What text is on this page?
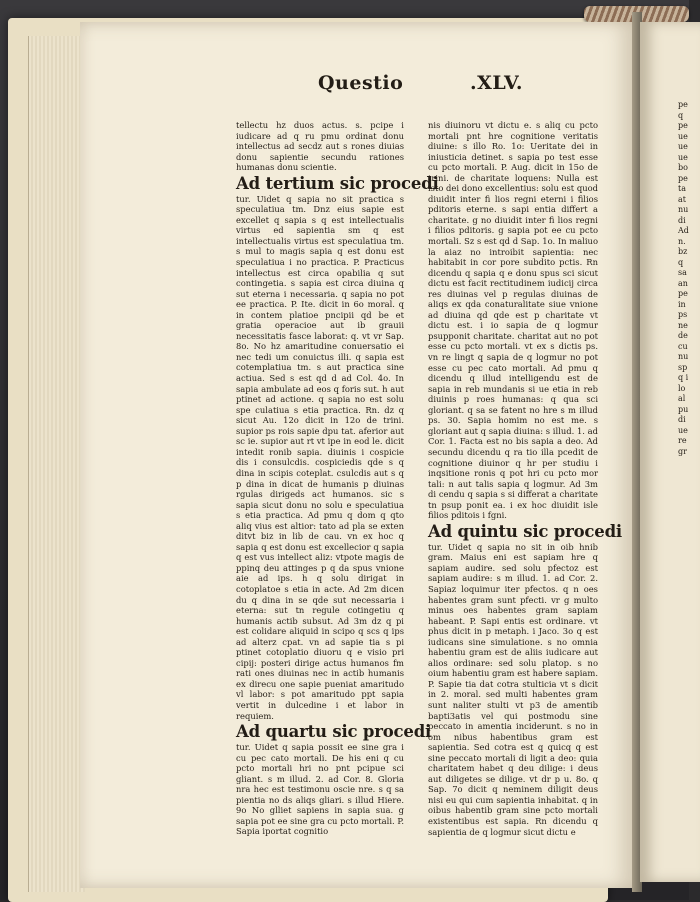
Questio	.XLV.

tellectu hz duos actus. s. pcipe i iudicare ad q ru pmu ordinat donu intellectus ad secdz aut s rones diuias donu sapientie secundu rationes humanas donu scientie.

Ad tertium sic procedi

tur. Uidet q sapia no sit practica s speculatiua tm. Dnz eius sapie est excellet q sapia s q est intellectualis virtus ed sapientia sm q est intellectualis virtus est speculatiua tm. s mul to magis sapia q est donu est speculatiua i no practica. P. Practicus intellectus est circa opabilia q sut contingetia. s sapia est circa diuina q sut eterna i necessaria. q sapia no pot ee practica. P. Ite. dicit in 6o moral. q in contem platioe pncipii qd be et gratia operacioe aut ib grauii necessitatis fasce laborat: q. vt vr Sap. 8o. No hz amaritudine conuersatio ei nec tedi um conuictus illi. q sapia est cotemplatiua tm. s aut practica sine actiua. Sed s est qd d ad Col. 4o. In sapia ambulate ad eos q foris sut. h aut ptinet ad actione. q sapia no est solu spe culatiua s etia practica. Rn. dz q sicut Au. 12o dicit in 12o de trini. supior ps rois sapie dpu tat. aferior aut sc ie. supior aut rt vt ipe in eod le. dicit intedit ronib sapia. diuinis i cospicie dis i consulcdis. cospiciedis qde s q dina in scipis coteplat. csulcdis aut s q p dina in dicat de humanis p diuinas rgulas dirigeds act humanos. sic s sapia sicut donu no solu e speculatiua s etia practica. Ad pmu q dom q qto aliq vius est altior: tato ad pla se exten ditvt biz in lib de cau. vn ex hoc q sapia q est donu est excellecior q sapia q est vus intellect aliz: vtpote magis de ppinq deu attinges p q da spus vnione aie ad ips. h q solu dirigat in cotoplatoe s etia in acte. Ad 2m dicen du q dina in se qde sut necessaria i eterna: sut tn regule cotingetiu q humanis actib subsut. Ad 3m dz q pi est colidare aliquid in scipo q scs q ips ad alterz cpat. vn ad sapie tia s pi ptinet cotoplatio diuoru q e visio pri cipij: posteri dirige actus humanos fm rati ones diuinas nec in actib humanis ex direcu one sapie pueniat amaritudo vl labor: s pot amaritudo ppt sapia vertit in dulcedine i et labor in requiem.

Ad quartu sic procedi

tur. Uidet q sapia possit ee sine gra i cu pec cato mortali. De his eni q cu pcto mortali hri no pnt pcipue sci gliant. s m illud. 2. ad Cor. 8. Gloria nra hec est testimonu oscie nre. s q sa pientia no ds aliqs gliari. s illud Hiere. 9o No glliet sapiens in sapia sua. g sapia pot ee sine gra cu pcto mortali. P. Sapia iportat cognitio

nis diuinoru vt dictu e. s aliq cu pcto mortali pnt hre cognitione veritatis diuine: s illo Ro. 1o: Ueritate dei in iniusticia detinet. s sapia po test esse cu pcto mortali. P. Aug. dicit in 15o de trini. de charitate loquens: Nulla est isto dei dono excellentius: solu est quod diuidit inter fi lios regni eterni i filios pditoris eterne. s sapi entia differt a charitate. g no diuidit inter fi lios regni i filios pditoris. g sapia pot ee cu pcto mortali. Sz s est qd d Sap. 1o. In maliuo la aiaz no introibit sapientia: nec habitabit in cor pore subdito pctis. Rn dicendu q sapia q e donu spus sci sicut dictu est facit rectitudinem iudicij circa res diuinas vel p regulas diuinas de aliqs ex qda conaturalitate siue vnione ad diuina qd qde est p charitate vt dictu est. i io sapia de q logmur psupponit charitate. charitat aut no pot esse cu pcto mortali. vt ex s dictis ps. vn re lingt q sapia de q logmur no pot esse cu pec cato mortali. Ad pmu q dicendu q illud intelligendu est de sapia in reb mundanis si ue etia in reb diuinis p roes humanas: q qua sci gloriant. q sa se fatent no hre s m illud ps. 30. Sapia homim no est me. s gloriant aut q sapia diuina: s illud. 1. ad Cor. 1. Facta est no bis sapia a deo. Ad secundu dicendu q ra tio illa pcedit de cognitione diuinor q hr per studiu i inqsitione ronis q pot hri cu pcto mor tali: n aut talis sapia q logmur. Ad 3m di cendu q sapia s si differat a charitate tn psup ponit ea. i ex hoc diuidit isle filios pditois i fgni.

Ad quintu sic procedi

tur. Uidet q sapia no sit in oib hnib gram. Maius eni est sapiam hre q sapiam audire. sed solu pfectoz est sapiam audire: s m illud. 1. ad Cor. 2. Sapiaz loquimur iter pfectos. q n oes habentes gram sunt pfecti. vr g multo minus oes habentes gram sapiam habeant. P. Sapi entis est ordinare. vt phus dicit in p metaph. i Jaco. 3o q est iudicans sine simulatione. s no omnia habentiu gram est de aliis iudicare aut alios ordinare: sed solu platop. s no oium habentiu gram est habere sapiam. P. Sapie tia dat cotra stulticia vt s dicit in 2. moral. sed multi habentes gram sunt naliter stulti vt p3 de amentib bapti3atis vel qui postmodu sine peccato in amentia inciderunt. s no in om nibus habentibus gram est sapientia. Sed cotra est q quicq q est sine peccato mortali di ligit a deo: quia charitatem habet q deu dilige: i deus aut diligetes se dilige. vt dr p u. 8o. q Sap. 7o dicit q neminem diligit deus nisi eu qui cum sapientia inhabitat. q in oibus habentib gram sine pcto mortali existentibus est sapia. Rn dicendu q sapientia de q logmur sicut dictu e

pe q pe ue ue ue bo pe ta at nu di Ad n. bz q sa an pe in ps ne de cu nu sp q i lo al pu di ue re gr
